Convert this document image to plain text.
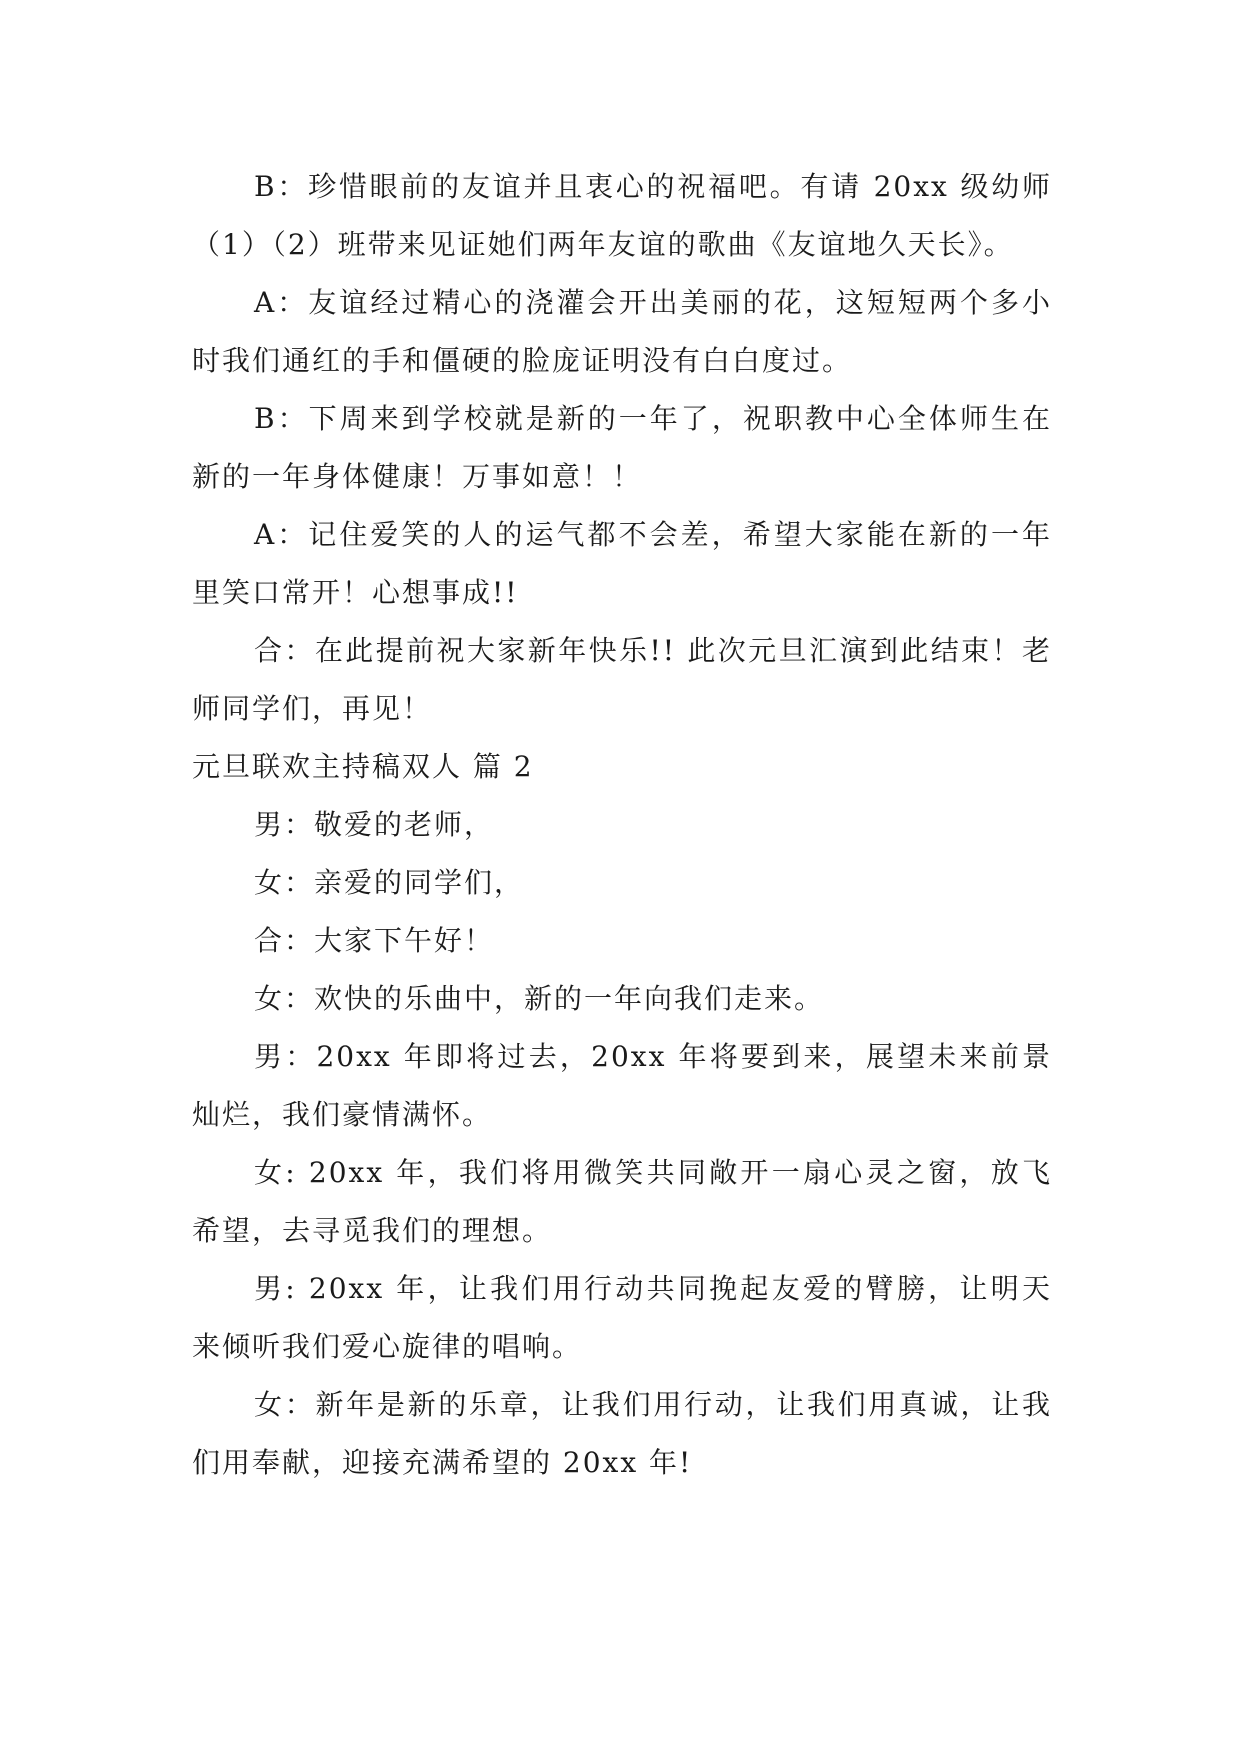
B：珍惜眼前的友谊并且衷心的祝福吧。有请 20xx 级幼师（1）（2）班带来见证她们两年友谊的歌曲《友谊地久天长》。

A：友谊经过精心的浇灌会开出美丽的花，这短短两个多小时我们通红的手和僵硬的脸庞证明没有白白度过。

B：下周来到学校就是新的一年了，祝职教中心全体师生在新的一年身体健康！万事如意！！

A：记住爱笑的人的运气都不会差，希望大家能在新的一年里笑口常开！心想事成!!

合：在此提前祝大家新年快乐!! 此次元旦汇演到此结束！老师同学们，再见！

元旦联欢主持稿双人 篇 2

男：敬爱的老师，

女：亲爱的同学们，

合：大家下午好！

女：欢快的乐曲中，新的一年向我们走来。

男：20xx 年即将过去，20xx 年将要到来，展望未来前景灿烂，我们豪情满怀。

女: 20xx 年，我们将用微笑共同敞开一扇心灵之窗，放飞希望，去寻觅我们的理想。

男: 20xx 年，让我们用行动共同挽起友爱的臂膀，让明天来倾听我们爱心旋律的唱响。

女：新年是新的乐章，让我们用行动，让我们用真诚，让我们用奉献，迎接充满希望的 20xx 年!
